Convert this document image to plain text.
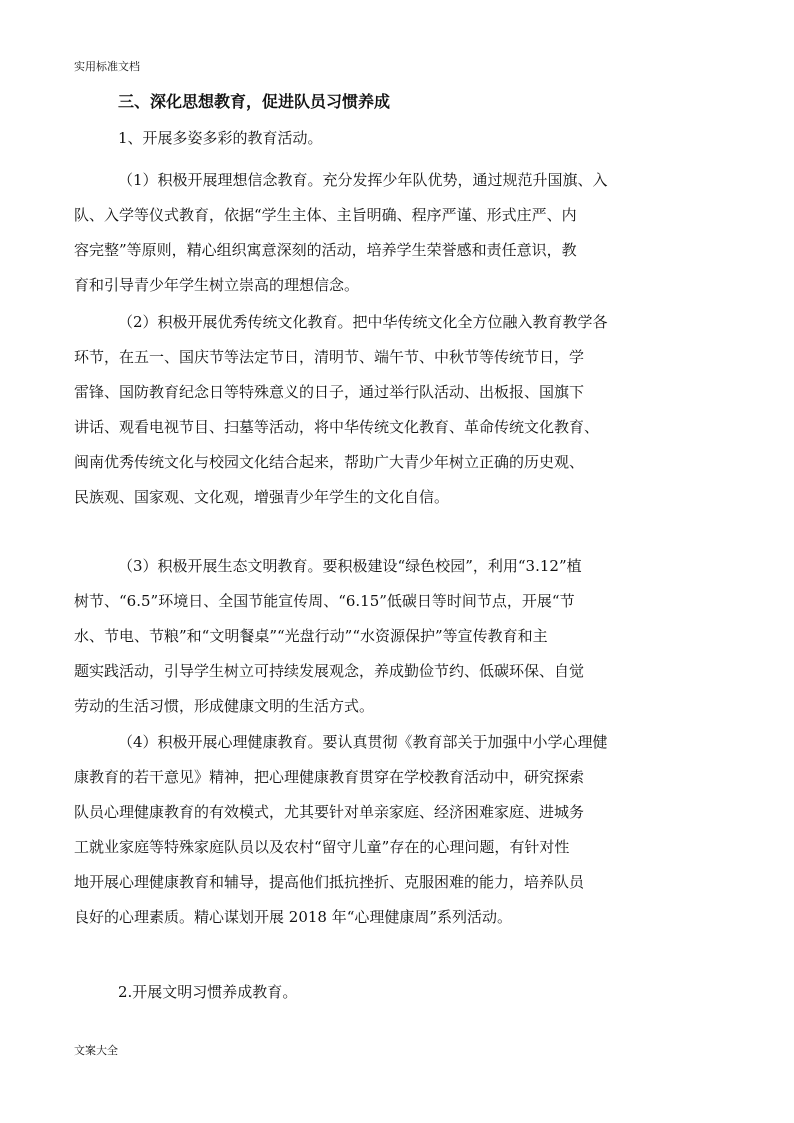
实用标准文档
三、深化思想教育，促进队员习惯养成
1、开展多姿多彩的教育活动。
（1）积极开展理想信念教育。充分发挥少年队优势，通过规范升国旗、入
队、入学等仪式教育，依据“学生主体、主旨明确、程序严谨、形式庄严、内
容完整”等原则，精心组织寓意深刻的活动，培养学生荣誉感和责任意识，教
育和引导青少年学生树立崇高的理想信念。
（2）积极开展优秀传统文化教育。把中华传统文化全方位融入教育教学各
环节，在五一、国庆节等法定节日，清明节、端午节、中秋节等传统节日，学
雷锋、国防教育纪念日等特殊意义的日子，通过举行队活动、出板报、国旗下
讲话、观看电视节目、扫墓等活动，将中华传统文化教育、革命传统文化教育、
闽南优秀传统文化与校园文化结合起来，帮助广大青少年树立正确的历史观、
民族观、国家观、文化观，增强青少年学生的文化自信。
（3）积极开展生态文明教育。要积极建设“绿色校园”，利用“3.12”植
树节、“6.5”环境日、全国节能宣传周、“6.15”低碳日等时间节点，开展“节
水、节电、节粮”和“文明餐桌”“光盘行动”“水资源保护”等宣传教育和主
题实践活动，引导学生树立可持续发展观念，养成勤俭节约、低碳环保、自觉
劳动的生活习惯，形成健康文明的生活方式。
（4）积极开展心理健康教育。要认真贯彻《教育部关于加强中小学心理健
康教育的若干意见》精神，把心理健康教育贯穿在学校教育活动中，研究探索
队员心理健康教育的有效模式，尤其要针对单亲家庭、经济困难家庭、进城务
工就业家庭等特殊家庭队员以及农村“留守儿童”存在的心理问题，有针对性
地开展心理健康教育和辅导，提高他们抵抗挫折、克服困难的能力，培养队员
良好的心理素质。精心谋划开展 2018 年“心理健康周”系列活动。
2.开展文明习惯养成教育。
文案大全
